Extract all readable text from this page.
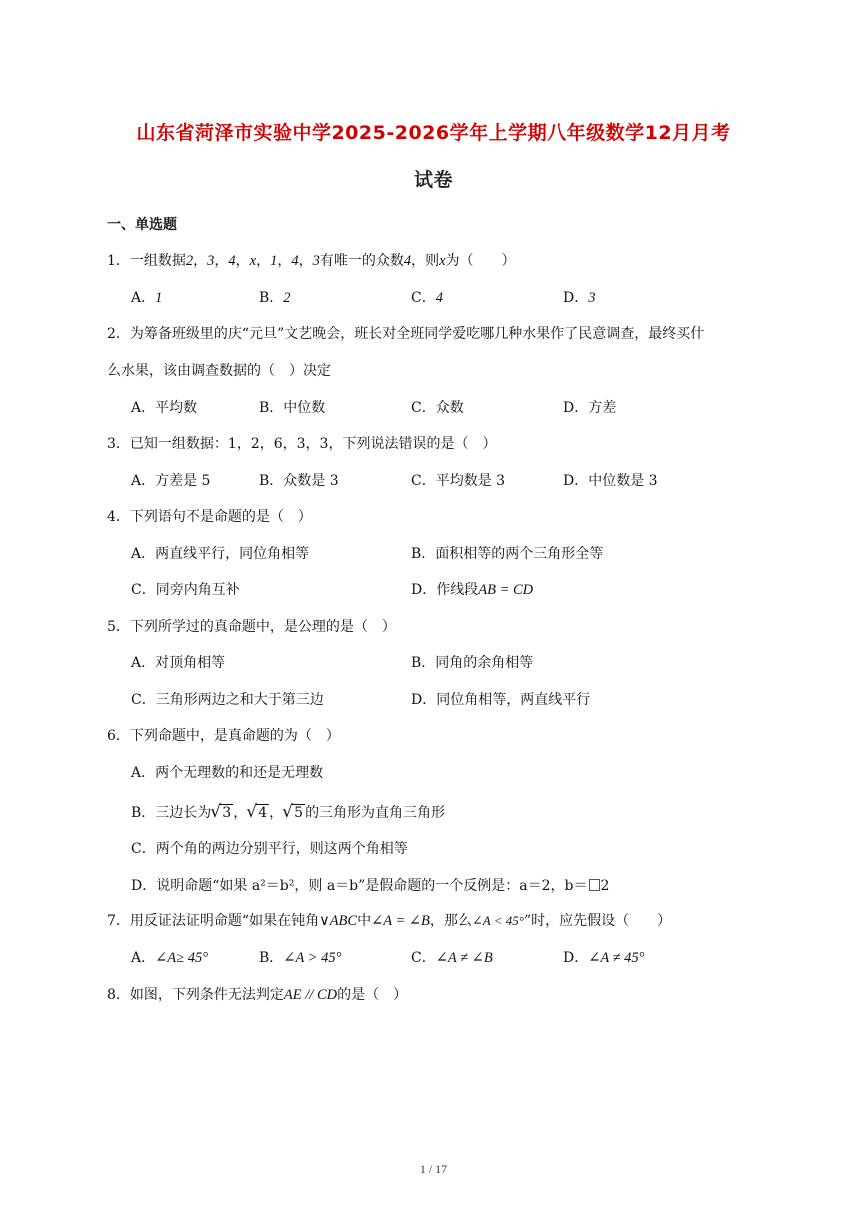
山东省菏泽市实验中学2025-2026学年上学期八年级数学12月月考
试卷
一、单选题
1．一组数据2，3，4，x，1，4，3有唯一的众数4，则x为（　　）
A．1	B．2	C．4	D．3
2．为筹备班级里的庆“元旦”文艺晚会，班长对全班同学爱吃哪几种水果作了民意调查，最终买什
么水果，该由调查数据的（　）决定
A．平均数	B．中位数	C．众数	D．方差
3．已知一组数据：1，2，6，3，3，下列说法错误的是（　）
A．方差是 5	B．众数是 3	C．平均数是 3	D．中位数是 3
4．下列语句不是命题的是（　）
A．两直线平行，同位角相等	B．面积相等的两个三角形全等
C．同旁内角互补	D．作线段AB = CD
5．下列所学过的真命题中，是公理的是（　）
A．对顶角相等	B．同角的余角相等
C．三角形两边之和大于第三边	D．同位角相等，两直线平行
6．下列命题中，是真命题的为（　）
A．两个无理数的和还是无理数
B．三边长为 √ 3 ， √ 4 ， √ 5 的三角形为直角三角形
C．两个角的两边分别平行，则这两个角相等
D．说明命题“如果 a²＝b²，则 a＝b”是假命题的一个反例是：a＝2，b＝ 2
7．用反证法证明命题“如果在钝角∨ABC中∠A = ∠B，那么∠A < 45°”时，应先假设（　　）
A．∠A≥ 45°	B．∠A > 45°	C．∠A ≠ ∠B	D．∠A ≠ 45°
8．如图，下列条件无法判定AE // CD的是（　）
1 / 17
